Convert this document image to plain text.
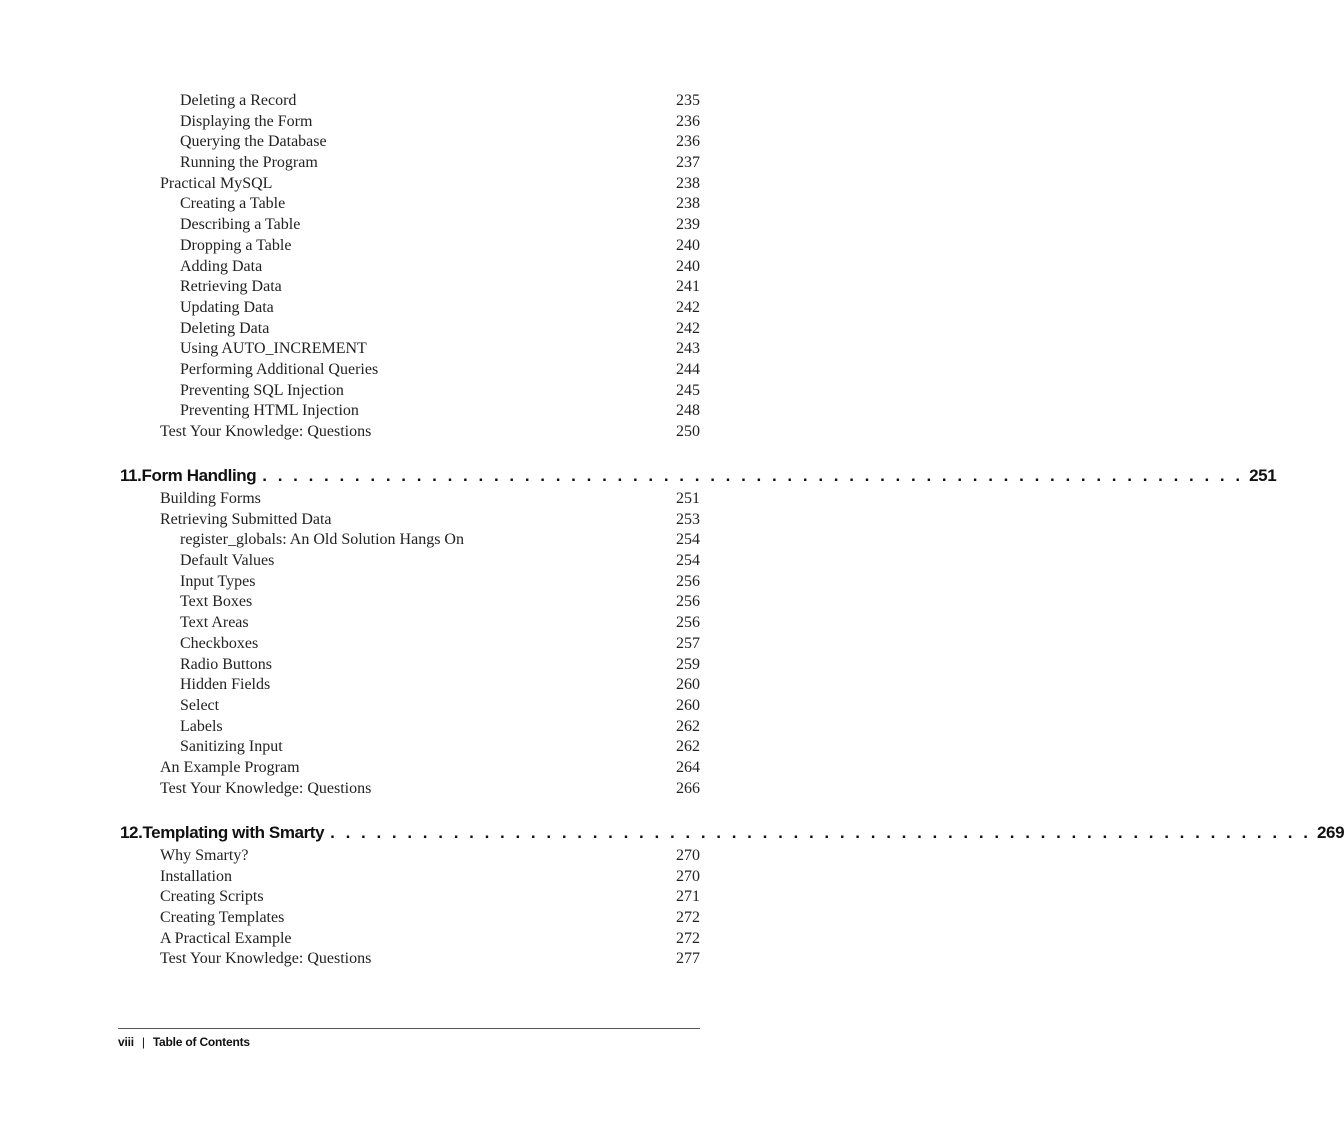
Deleting a Record	235
Displaying the Form	236
Querying the Database	236
Running the Program	237
Practical MySQL	238
Creating a Table	238
Describing a Table	239
Dropping a Table	240
Adding Data	240
Retrieving Data	241
Updating Data	242
Deleting Data	242
Using AUTO_INCREMENT	243
Performing Additional Queries	244
Preventing SQL Injection	245
Preventing HTML Injection	248
Test Your Knowledge: Questions	250
11. Form Handling . . . . . . . . . . . . . . . . . . . . . . . . . . . . . . . . . . . . . . . . . . . . . . . . . . . . . . . . . . . . . . . . 251
Building Forms	251
Retrieving Submitted Data	253
register_globals: An Old Solution Hangs On	254
Default Values	254
Input Types	256
Text Boxes	256
Text Areas	256
Checkboxes	257
Radio Buttons	259
Hidden Fields	260
Select	260
Labels	262
Sanitizing Input	262
An Example Program	264
Test Your Knowledge: Questions	266
12. Templating with Smarty . . . . . . . . . . . . . . . . . . . . . . . . . . . . . . . . . . . . . . . . . . . . . . . . . . . . . . . . . . . . . . . . 269
Why Smarty?	270
Installation	270
Creating Scripts	271
Creating Templates	272
A Practical Example	272
Test Your Knowledge: Questions	277
viii | Table of Contents
